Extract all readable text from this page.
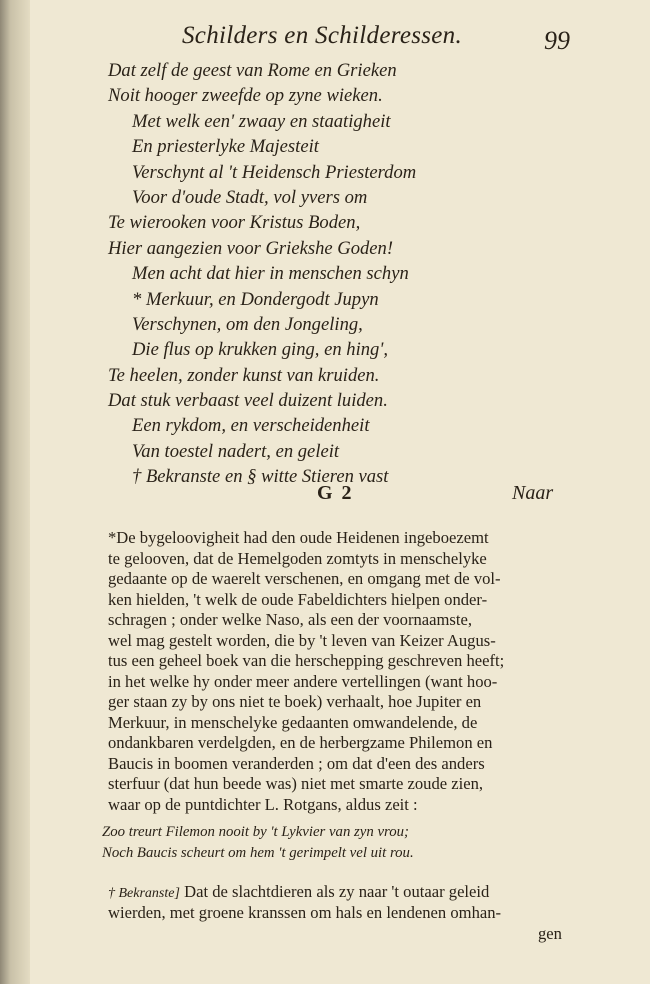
Schilders en Schilderessen.	99
Dat zelf de geest van Rome en Grieken
Noit hooger zweefde op zyne wieken.
Met welk een' zwaay en staatigheit
En priesterlyke Majesteit
Verschynt al 't Heidensch Priesterdom
Voor d'oude Stadt, vol yvers om
Te wierooken voor Kristus Boden,
Hier aangezien voor Griekshe Goden!
Men acht dat hier in menschen schyn
* Merkuur, en Dondergodt Jupyn
Verschynen, om den Jongeling,
Die flus op krukken ging, en hing',
Te heelen, zonder kunst van kruiden.
Dat stuk verbaast veel duizent luiden.
Een rykdom, en verscheidenheit
Van toestel nadert, en geleit
† Bekranste en § witte Stieren vast
G 2	Naar
*De bygeloovigheit had den oude Heidenen ingeboezemt
te gelooven, dat de Hemelgoden zomtyts in menschelyke
gedaante op de waerelt verschenen, en omgang met de vol-
ken hielden, 't welk de oude Fabeldichters hielpen onder-
schragen ; onder welke Naso, als een der voornaamste,
wel mag gestelt worden, die by 't leven van Keizer Augus-
tus een geheel boek van die herschepping geschreven heeft;
in het welke hy onder meer andere vertellingen (want hoo-
ger staan zy by ons niet te boek) verhaalt, hoe Jupiter en
Merkuur, in menschelyke gedaanten omwandelende, de
ondankbaren verdelgden, en de herbergzame Philemon en
Baucis in boomen veranderden ; om dat d'een des anders
sterfuur (dat hun beede was) niet met smarte zoude zien,
waar op de puntdichter L. Rotgans, aldus zeit :
Zoo treurt Filemon nooit by 't Lykvier van zyn vrou;
Noch Baucis scheurt om hem 't gerimpelt vel uit rou.
† Bekranste] Dat de slachtdieren als zy naar 't outaar geleid
wierden, met groene kranssen om hals en lendenen omhan-
gen
